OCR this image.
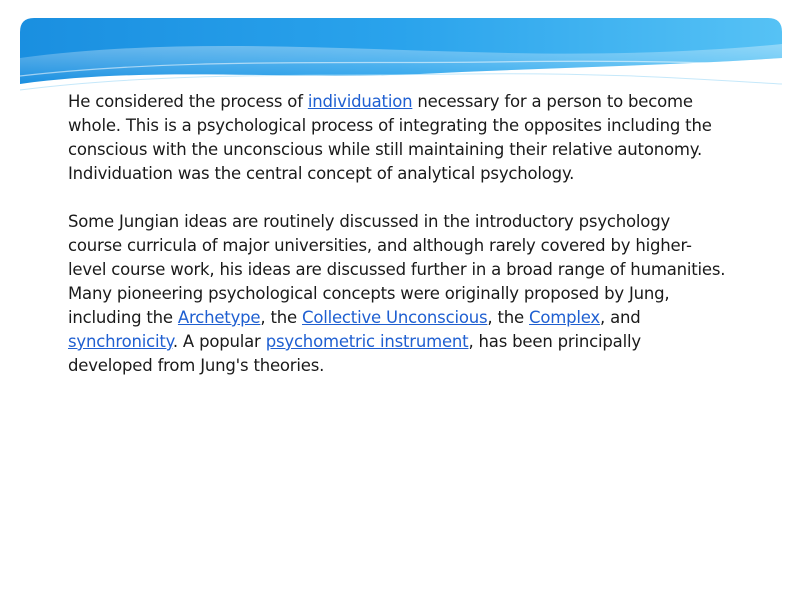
He considered the process of individuation necessary for a person to become whole. This is a psychological process of integrating the opposites including the conscious with the unconscious while still maintaining their relative autonomy. Individuation was the central concept of analytical psychology.

Some Jungian ideas are routinely discussed in the introductory psychology course curricula of major universities, and although rarely covered by higher-level course work, his ideas are discussed further in a broad range of humanities. Many pioneering psychological concepts were originally proposed by Jung, including the Archetype, the Collective Unconscious, the Complex, and synchronicity. A popular psychometric instrument, has been principally developed from Jung's theories.
